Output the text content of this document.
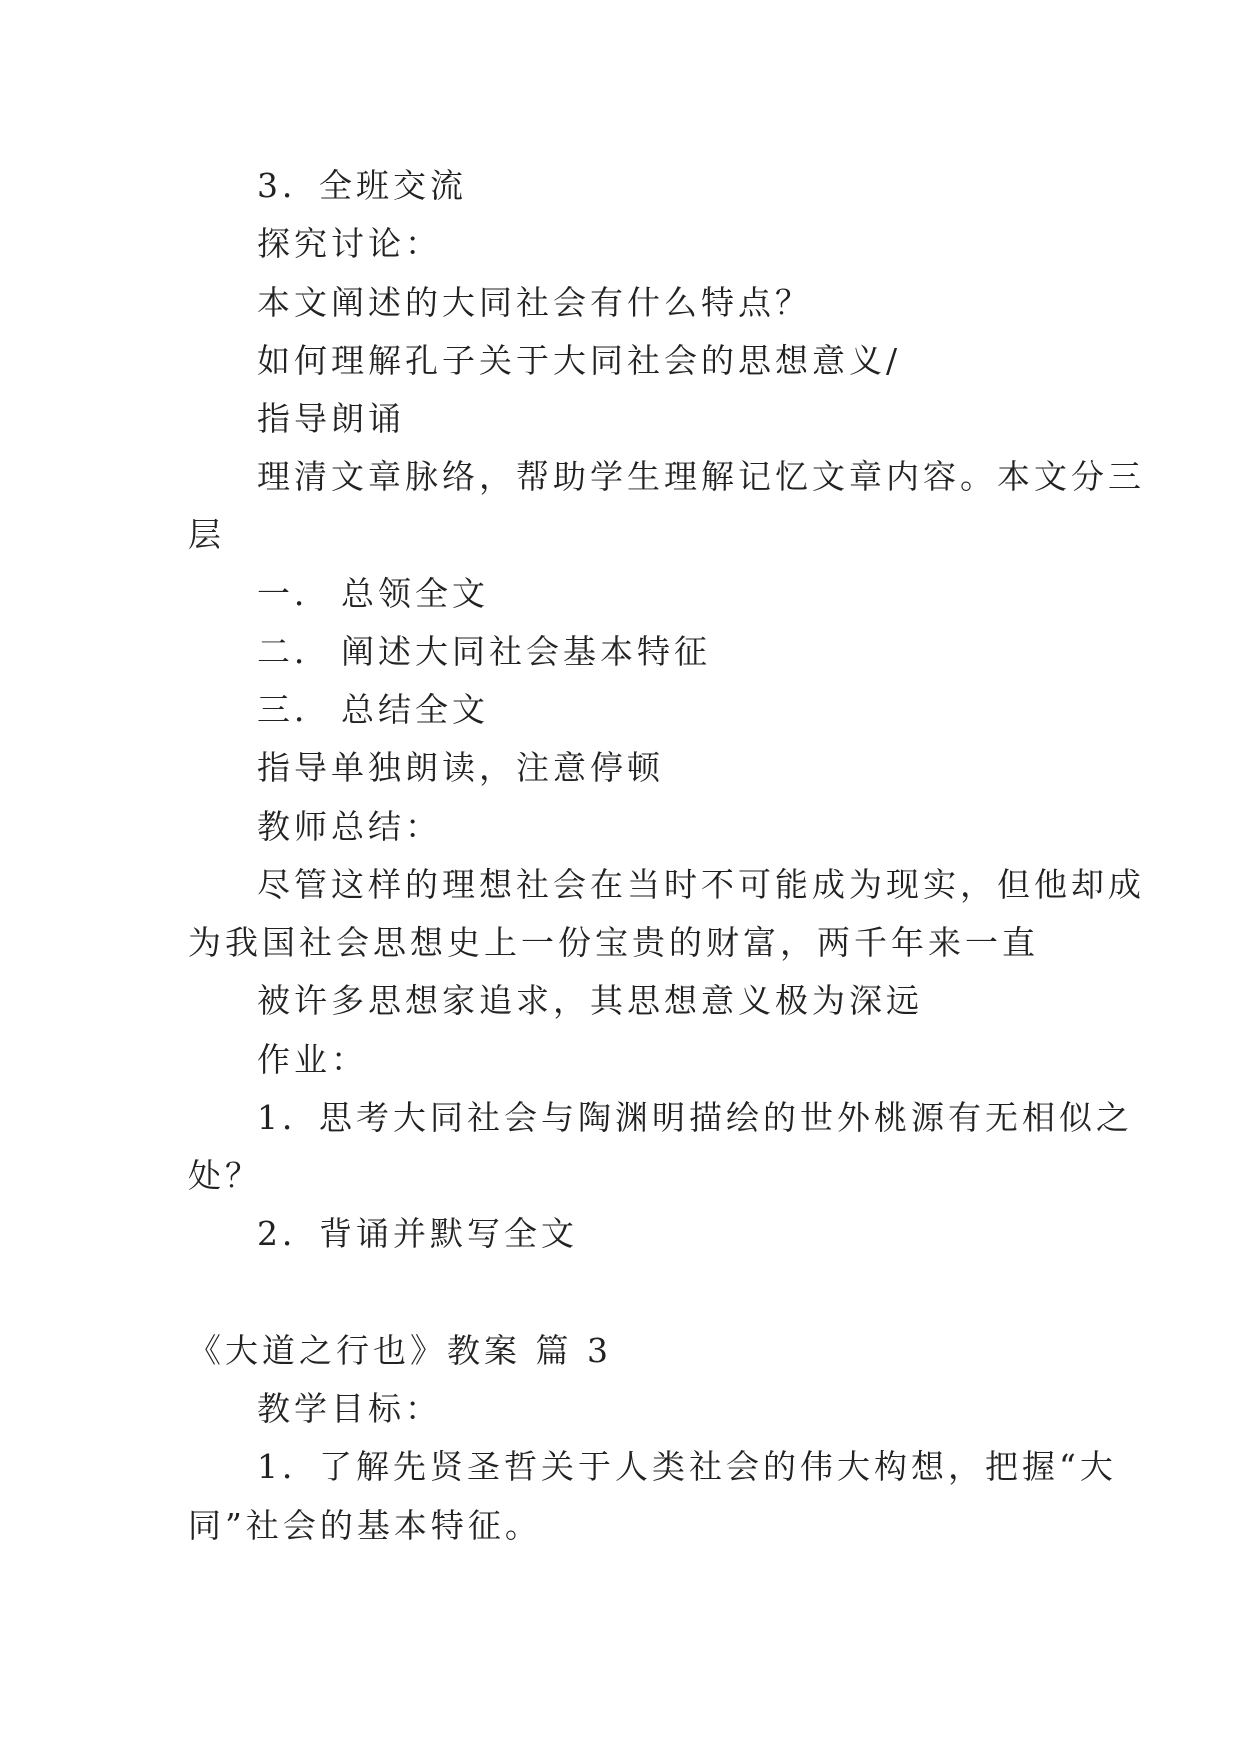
3．全班交流
探究讨论：
本文阐述的大同社会有什么特点？
如何理解孔子关于大同社会的思想意义/
指导朗诵
理清文章脉络，帮助学生理解记忆文章内容。本文分三
层
一． 总领全文
二． 阐述大同社会基本特征
三． 总结全文
指导单独朗读，注意停顿
教师总结：
尽管这样的理想社会在当时不可能成为现实，但他却成
为我国社会思想史上一份宝贵的财富，两千年来一直
被许多思想家追求，其思想意义极为深远
作业：
1．思考大同社会与陶渊明描绘的世外桃源有无相似之
处？
2．背诵并默写全文
《大道之行也》教案 篇 3
教学目标：
1．了解先贤圣哲关于人类社会的伟大构想，把握“大
同”社会的基本特征。
